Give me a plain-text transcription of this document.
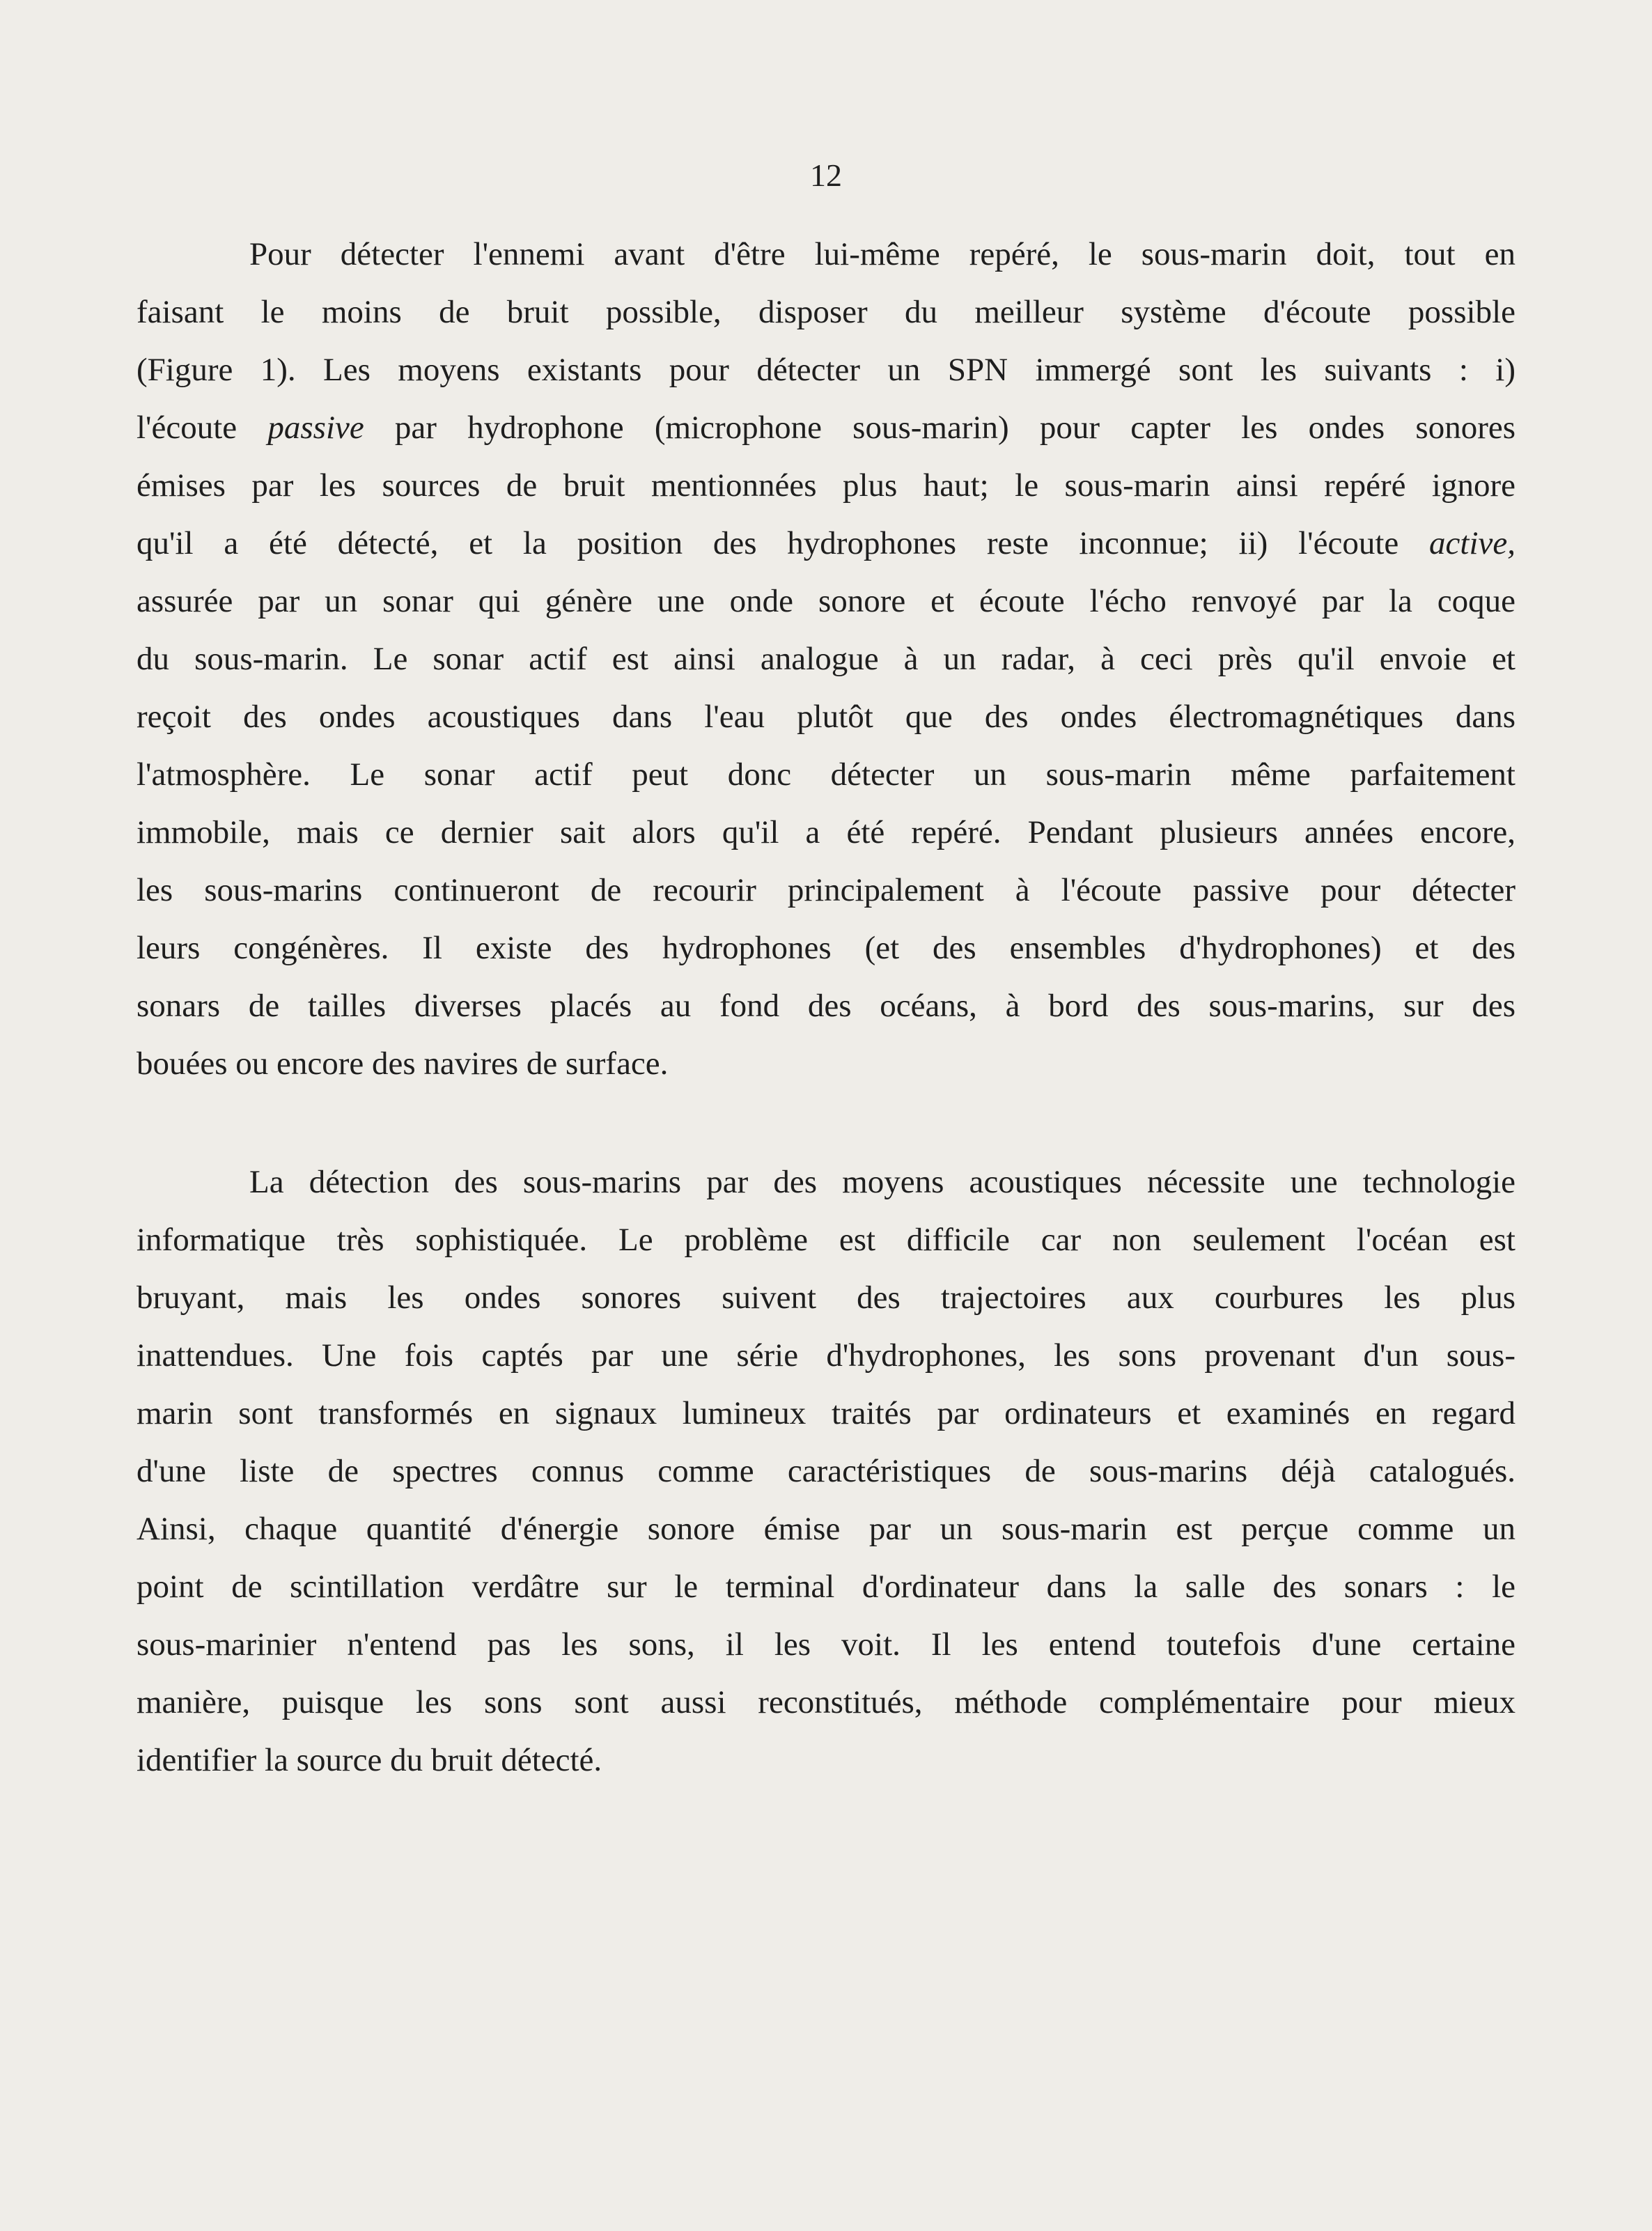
12
Pour détecter l'ennemi avant d'être lui-même repéré, le sous-marin doit, tout en
faisant le moins de bruit possible, disposer du meilleur système d'écoute possible
(Figure 1). Les moyens existants pour détecter un SPN immergé sont les suivants : i)
l'écoute passive par hydrophone (microphone sous-marin) pour capter les ondes sonores
émises par les sources de bruit mentionnées plus haut; le sous-marin ainsi repéré ignore
qu'il a été détecté, et la position des hydrophones reste inconnue; ii) l'écoute active,
assurée par un sonar qui génère une onde sonore et écoute l'écho renvoyé par la coque
du sous-marin. Le sonar actif est ainsi analogue à un radar, à ceci près qu'il envoie et
reçoit des ondes acoustiques dans l'eau plutôt que des ondes électromagnétiques dans
l'atmosphère. Le sonar actif peut donc détecter un sous-marin même parfaitement
immobile, mais ce dernier sait alors qu'il a été repéré. Pendant plusieurs années encore,
les sous-marins continueront de recourir principalement à l'écoute passive pour détecter
leurs congénères. Il existe des hydrophones (et des ensembles d'hydrophones) et des
sonars de tailles diverses placés au fond des océans, à bord des sous-marins, sur des
bouées ou encore des navires de surface.
La détection des sous-marins par des moyens acoustiques nécessite une technologie
informatique très sophistiquée. Le problème est difficile car non seulement l'océan est
bruyant, mais les ondes sonores suivent des trajectoires aux courbures les plus
inattendues. Une fois captés par une série d'hydrophones, les sons provenant d'un sous-
marin sont transformés en signaux lumineux traités par ordinateurs et examinés en regard
d'une liste de spectres connus comme caractéristiques de sous-marins déjà catalogués.
Ainsi, chaque quantité d'énergie sonore émise par un sous-marin est perçue comme un
point de scintillation verdâtre sur le terminal d'ordinateur dans la salle des sonars : le
sous-marinier n'entend pas les sons, il les voit. Il les entend toutefois d'une certaine
manière, puisque les sons sont aussi reconstitués, méthode complémentaire pour mieux
identifier la source du bruit détecté.
